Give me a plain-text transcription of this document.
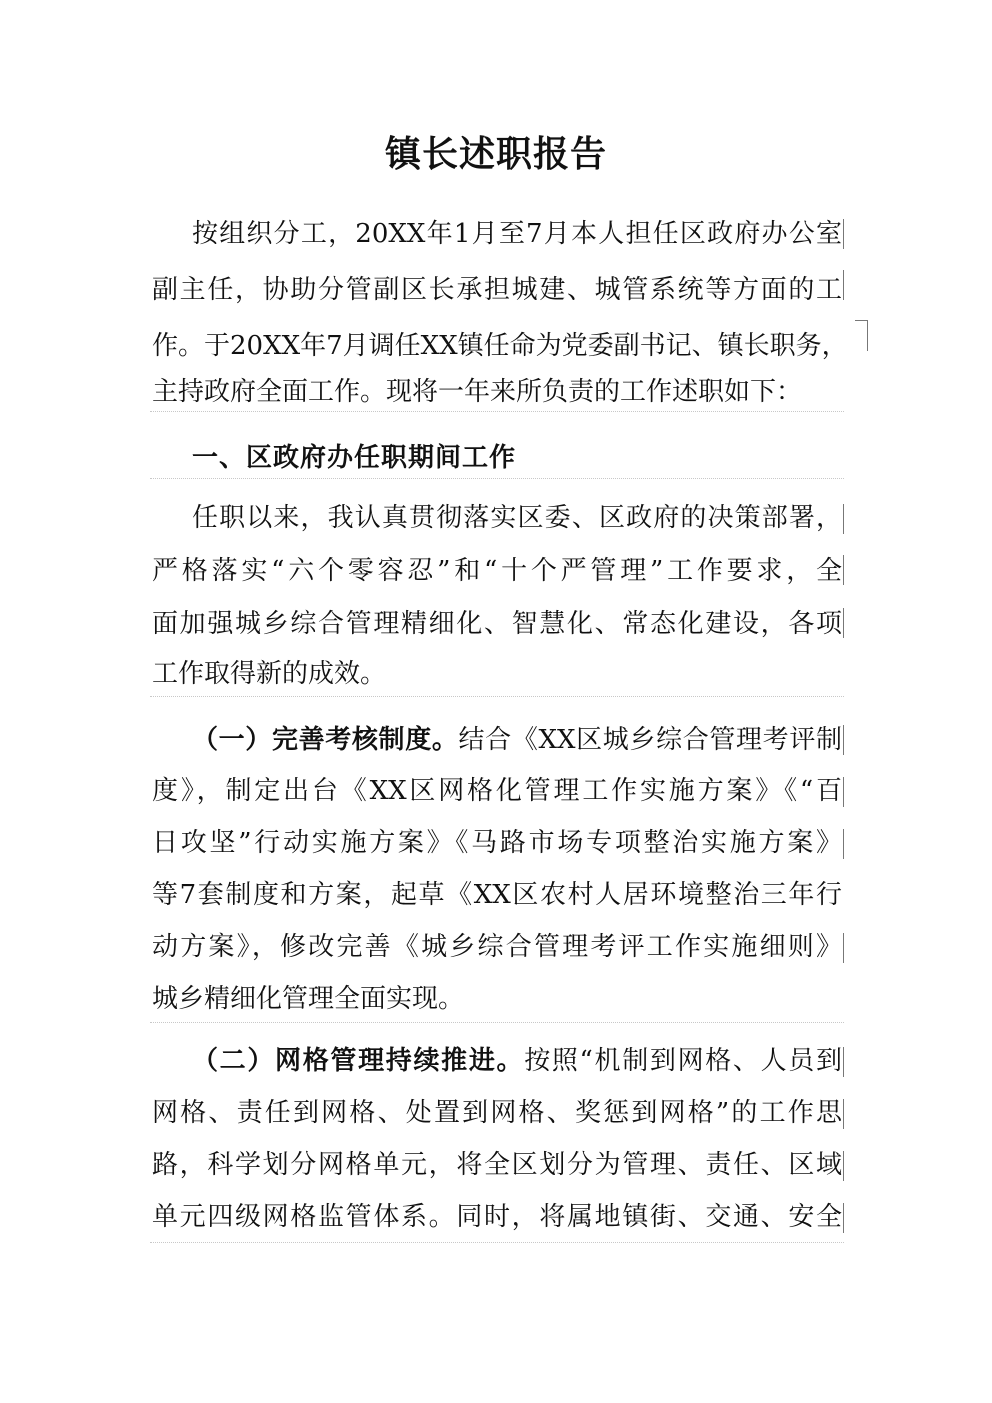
镇长述职报告
按组织分工，20XX年1月至7月本人担任区政府办公室
副主任，协助分管副区长承担城建、城管系统等方面的工
作。于20XX年7月调任XX镇任命为党委副书记、镇长职务，
主持政府全面工作。现将一年来所负责的工作述职如下：
一、区政府办任职期间工作
任职以来，我认真贯彻落实区委、区政府的决策部署，
严格落实“六个零容忍”和“十个严管理”工作要求，全
面加强城乡综合管理精细化、智慧化、常态化建设，各项
工作取得新的成效。
（一）完善考核制度。结合《XX区城乡综合管理考评制
度》，制定出台《XX区网格化管理工作实施方案》《“百
日攻坚”行动实施方案》《马路市场专项整治实施方案》
等7套制度和方案，起草《XX区农村人居环境整治三年行
动方案》，修改完善《城乡综合管理考评工作实施细则》
城乡精细化管理全面实现。
（二）网格管理持续推进。按照“机制到网格、人员到
网格、责任到网格、处置到网格、奖惩到网格”的工作思
路，科学划分网格单元，将全区划分为管理、责任、区域
单元四级网格监管体系。同时，将属地镇街、交通、安全
